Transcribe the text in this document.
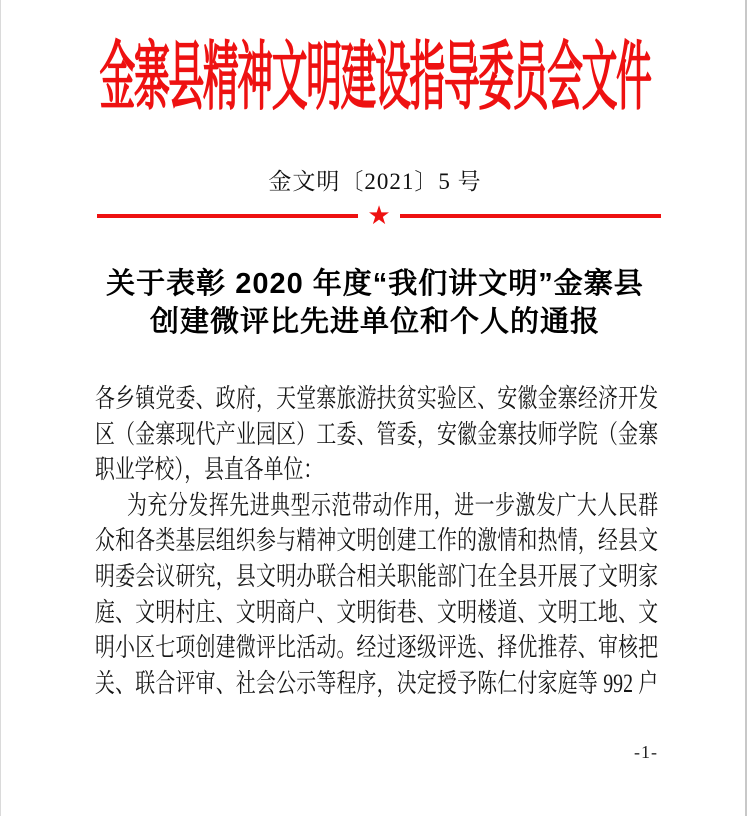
金寨县精神文明建设指导委员会文件
金文明〔2021〕5 号
★
关于表彰 2020 年度“我们讲文明”金寨县
创建微评比先进单位和个人的通报
各乡镇党委、政府，天堂寨旅游扶贫实验区、安徽金寨经济开发
区（金寨现代产业园区）工委、管委，安徽金寨技师学院（金寨
职业学校），县直各单位：
为充分发挥先进典型示范带动作用，进一步激发广大人民群
众和各类基层组织参与精神文明创建工作的激情和热情，经县文
明委会议研究，县文明办联合相关职能部门在全县开展了文明家
庭、文明村庄、文明商户、文明街巷、文明楼道、文明工地、文
明小区七项创建微评比活动。经过逐级评选、择优推荐、审核把
关、联合评审、社会公示等程序，决定授予陈仁付家庭等 992 户
-1-
